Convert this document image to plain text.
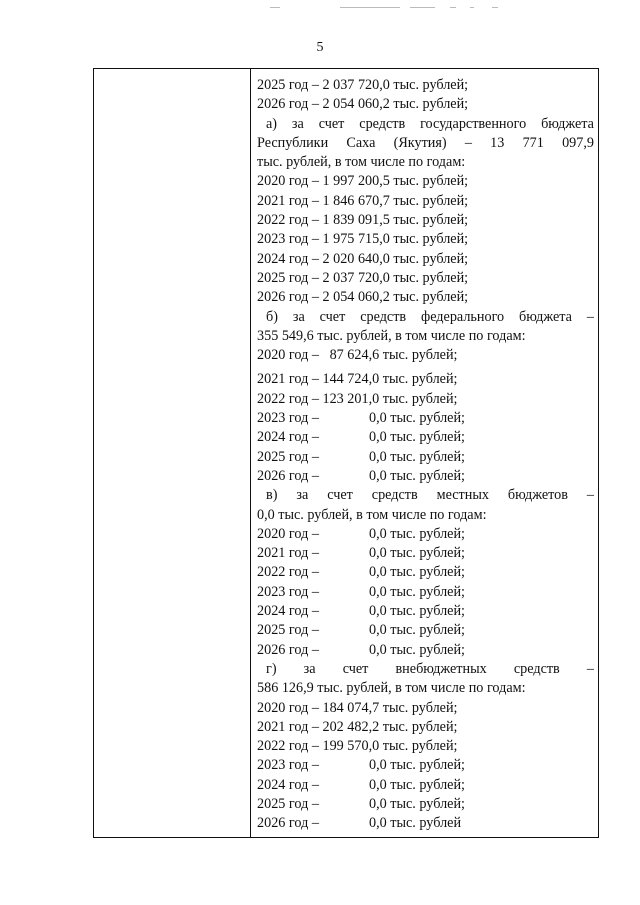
5
2025 год – 2 037 720,0 тыс. рублей;
2026 год – 2 054 060,2 тыс. рублей;
а) за счет средств государственного бюджета
Республики Саха (Якутия) – 13 771 097,9
тыс. рублей, в том числе по годам:
2020 год – 1 997 200,5 тыс. рублей;
2021 год – 1 846 670,7 тыс. рублей;
2022 год – 1 839 091,5 тыс. рублей;
2023 год – 1 975 715,0 тыс. рублей;
2024 год – 2 020 640,0 тыс. рублей;
2025 год – 2 037 720,0 тыс. рублей;
2026 год – 2 054 060,2 тыс. рублей;
б) за счет средств федерального бюджета –
355 549,6 тыс. рублей, в том числе по годам:
2020 год –   87 624,6 тыс. рублей;
2021 год – 144 724,0 тыс. рублей;
2022 год – 123 201,0 тыс. рублей;
2023 год –	0,0 тыс. рублей;
2024 год –	0,0 тыс. рублей;
2025 год –	0,0 тыс. рублей;
2026 год –	0,0 тыс. рублей;
в) за счет средств местных бюджетов –
0,0 тыс. рублей, в том числе по годам:
2020 год –	0,0 тыс. рублей;
2021 год –	0,0 тыс. рублей;
2022 год –	0,0 тыс. рублей;
2023 год –	0,0 тыс. рублей;
2024 год –	0,0 тыс. рублей;
2025 год –	0,0 тыс. рублей;
2026 год –	0,0 тыс. рублей;
г) за счет внебюджетных средств –
586 126,9 тыс. рублей, в том числе по годам:
2020 год – 184 074,7 тыс. рублей;
2021 год – 202 482,2 тыс. рублей;
2022 год – 199 570,0 тыс. рублей;
2023 год –	0,0 тыс. рублей;
2024 год –	0,0 тыс. рублей;
2025 год –	0,0 тыс. рублей;
2026 год –	0,0 тыс. рублей
